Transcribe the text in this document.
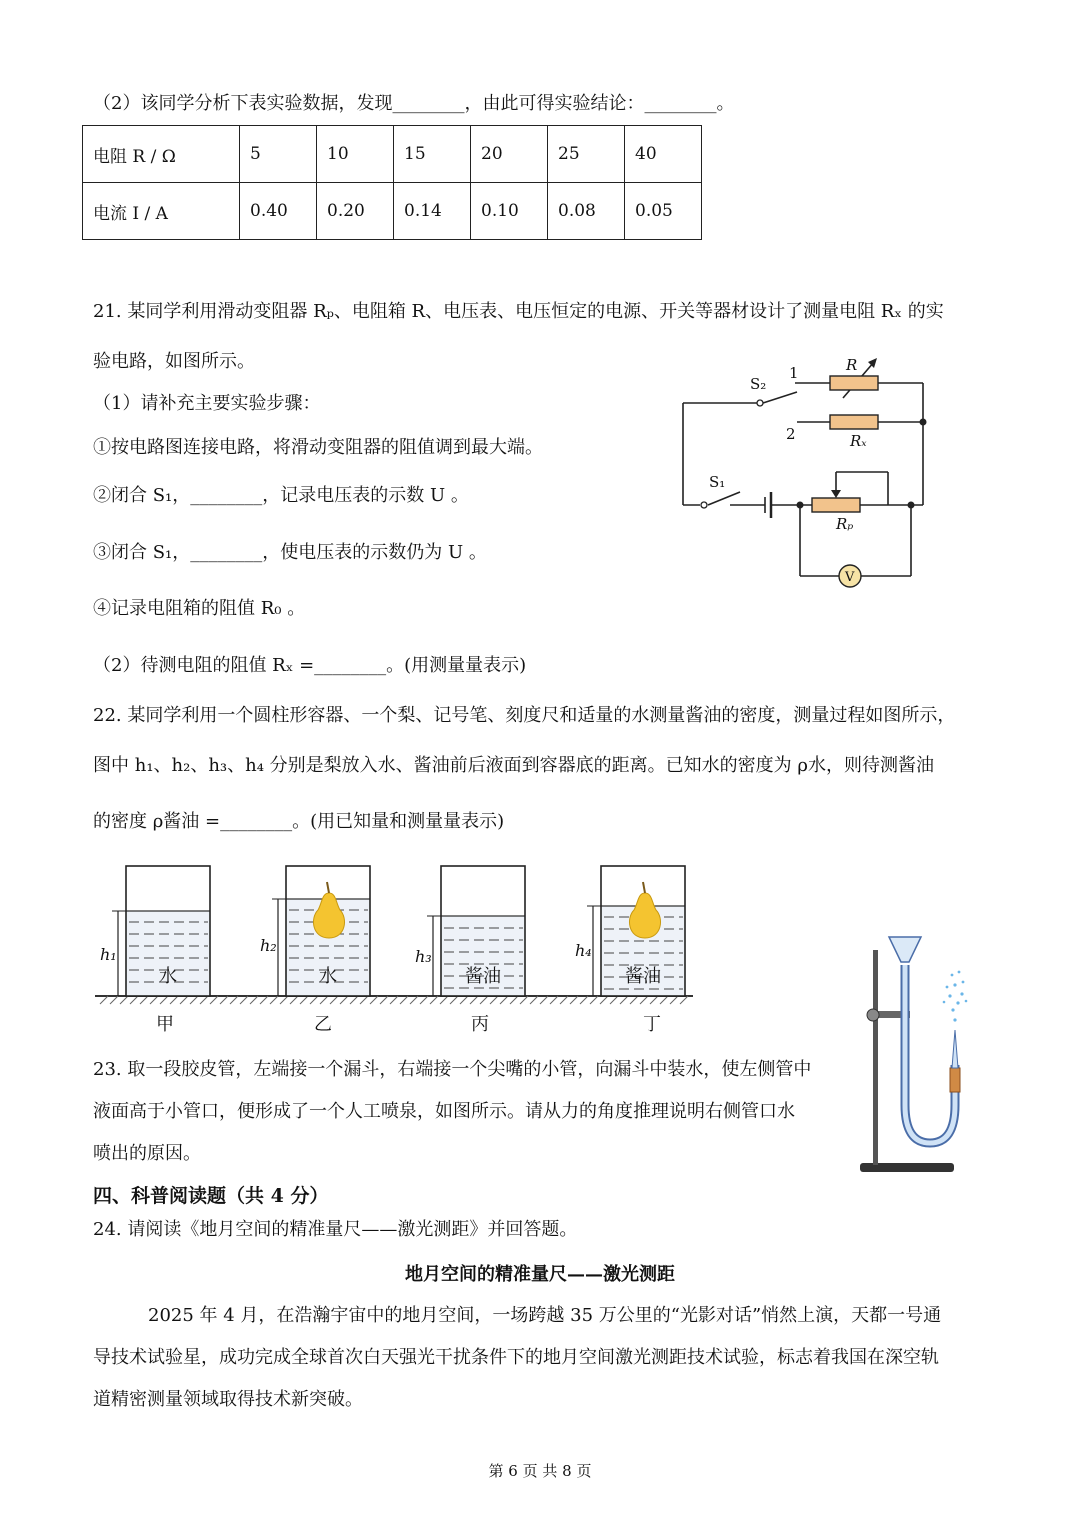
（2）该同学分析下表实验数据，发现________，由此可得实验结论：________。
电阻 R / Ω	5	10	15	20	25	40
电流 I / A	0.40	0.20	0.14	0.10	0.08	0.05
21. 某同学利用滑动变阻器 Rₚ、电阻箱 R、电压表、电压恒定的电源、开关等器材设计了测量电阻 Rₓ 的实
验电路，如图所示。
（1）请补充主要实验步骤：
①按电路图连接电路，将滑动变阻器的阻值调到最大端。
②闭合 S₁，________，记录电压表的示数 U 。
③闭合 S₁，________，使电压表的示数仍为 U 。
④记录电阻箱的阻值 R₀ 。
（2）待测电阻的阻值 Rₓ =________。(用测量量表示)
S₂
1
2
R
Rₓ
S₁
Rₚ
V
22. 某同学利用一个圆柱形容器、一个梨、记号笔、刻度尺和适量的水测量酱油的密度，测量过程如图所示，
图中 h₁、h₂、h₃、h₄ 分别是梨放入水、酱油前后液面到容器底的距离。已知水的密度为 ρ水，则待测酱油
的密度 ρ酱油 =________。(用已知量和测量量表示)
h₁	h₂
h₃	h₄
水	水	酱油	酱油
甲	乙	丙	丁
23. 取一段胶皮管，左端接一个漏斗，右端接一个尖嘴的小管，向漏斗中装水，使左侧管中
液面高于小管口，便形成了一个人工喷泉，如图所示。请从力的角度推理说明右侧管口水
喷出的原因。
四、科普阅读题（共 4 分）
24. 请阅读《地月空间的精准量尺——激光测距》并回答题。
地月空间的精准量尺——激光测距
2025 年 4 月，在浩瀚宇宙中的地月空间，一场跨越 35 万公里的“光影对话”悄然上演，天都一号通
导技术试验星，成功完成全球首次白天强光干扰条件下的地月空间激光测距技术试验，标志着我国在深空轨
道精密测量领域取得技术新突破。
第 6 页 共 8 页
